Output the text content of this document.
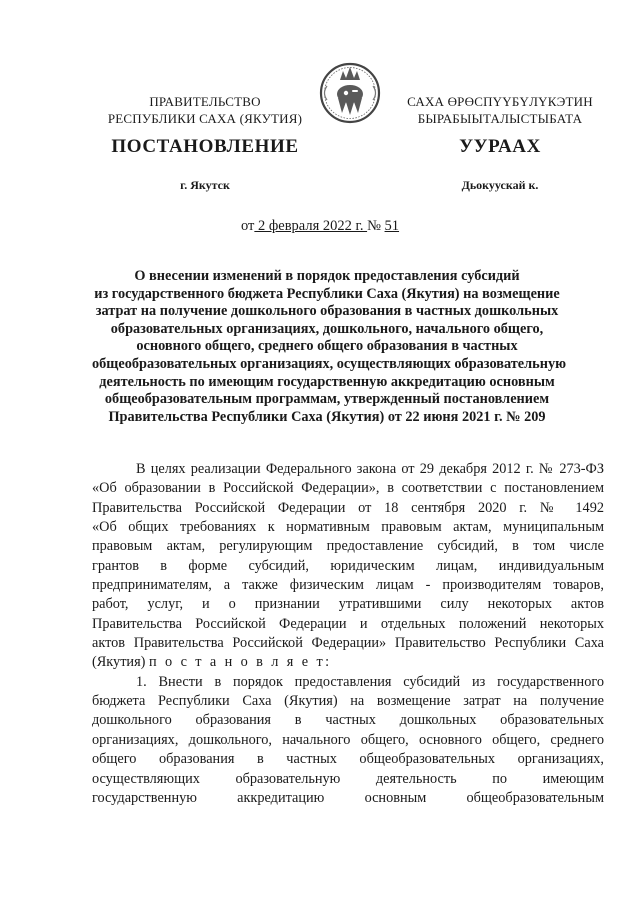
ПРАВИТЕЛЬСТВО
РЕСПУБЛИКИ САХА (ЯКУТИЯ)
САХА ӨРӨСПҮҮБҮЛҮКЭТИН
БЫРАБЫЫТАЛЫСТЫБАТА
ПОСТАНОВЛЕНИЕ	УУРААХ
г. Якутск	Дьокуускай к.
от 2 февраля 2022 г. № 51
О внесении изменений в порядок предоставления субсидий
из государственного бюджета Республики Саха (Якутия) на возмещение
затрат на получение дошкольного образования в частных дошкольных
образовательных организациях, дошкольного, начального общего,
основного общего, среднего общего образования в частных
общеобразовательных организациях, осуществляющих образовательную
деятельность по имеющим государственную аккредитацию основным
общеобразовательным программам, утвержденный постановлением
Правительства Республики Саха (Якутия) от 22 июня 2021 г. № 209
В целях реализации Федерального закона от 29 декабря 2012 г. № 273-ФЗ
«Об образовании в Российской Федерации», в соответствии с постановлением
Правительства Российской Федерации от 18 сентября 2020 г. № 1492
«Об общих требованиях к нормативным правовым актам, муниципальным
правовым актам, регулирующим предоставление субсидий, в том числе
грантов в форме субсидий, юридическим лицам, индивидуальным
предпринимателям, а также физическим лицам - производителям товаров,
работ, услуг, и о признании утратившими силу некоторых актов
Правительства Российской Федерации и отдельных положений некоторых
актов Правительства Российской Федерации» Правительство Республики Саха
(Якутия) п о с т а н о в л я е т:
1. Внести в порядок предоставления субсидий из государственного
бюджета Республики Саха (Якутия) на возмещение затрат на получение
дошкольного образования в частных дошкольных образовательных
организациях, дошкольного, начального общего, основного общего, среднего
общего образования в частных общеобразовательных организациях,
осуществляющих образовательную деятельность по имеющим
государственную аккредитацию основным общеобразовательным
